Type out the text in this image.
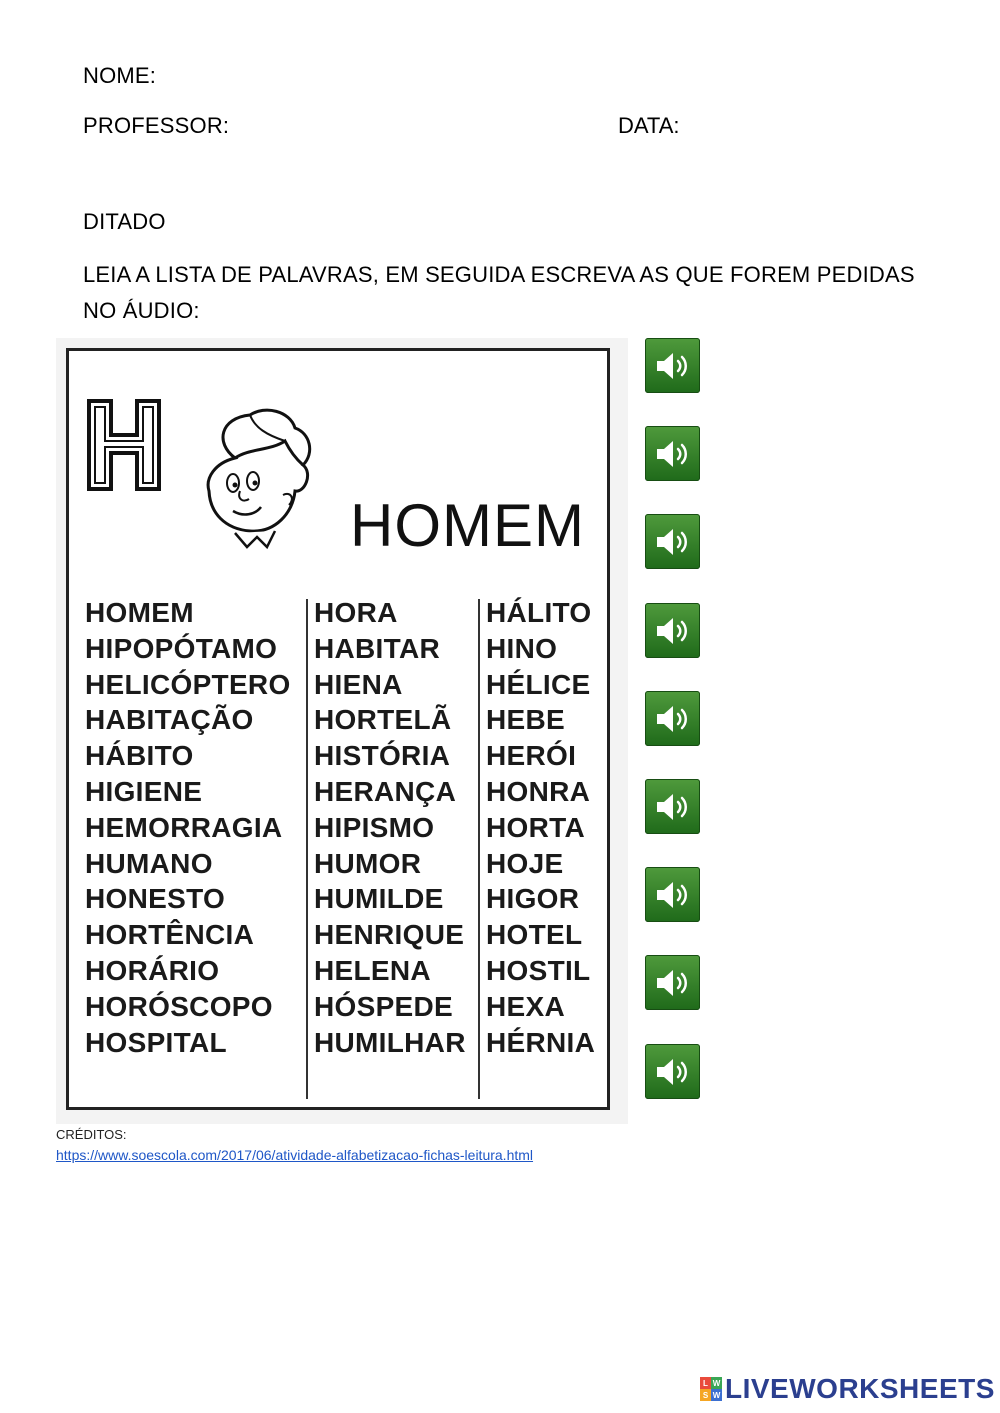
NOME:
PROFESSOR:	DATA:
DITADO
LEIA A LISTA DE PALAVRAS, EM SEGUIDA ESCREVA AS QUE FOREM PEDIDAS NO ÁUDIO:
HOMEM
HOMEM
HIPOPÓTAMO
HELICÓPTERO
HABITAÇÃO
HÁBITO
HIGIENE
HEMORRAGIA
HUMANO
HONESTO
HORTÊNCIA
HORÁRIO
HORÓSCOPO
HOSPITAL
HORA
HABITAR
HIENA
HORTELÃ
HISTÓRIA
HERANÇA
HIPISMO
HUMOR
HUMILDE
HENRIQUE
HELENA
HÓSPEDE
HUMILHAR
HÁLITO
HINO
HÉLICE
HEBE
HERÓI
HONRA
HORTA
HOJE
HIGOR
HOTEL
HOSTIL
HEXA
HÉRNIA
CRÉDITOS:
https://www.soescola.com/2017/06/atividade-alfabetizacao-fichas-leitura.html
L W
S W LIVEWORKSHEETS
